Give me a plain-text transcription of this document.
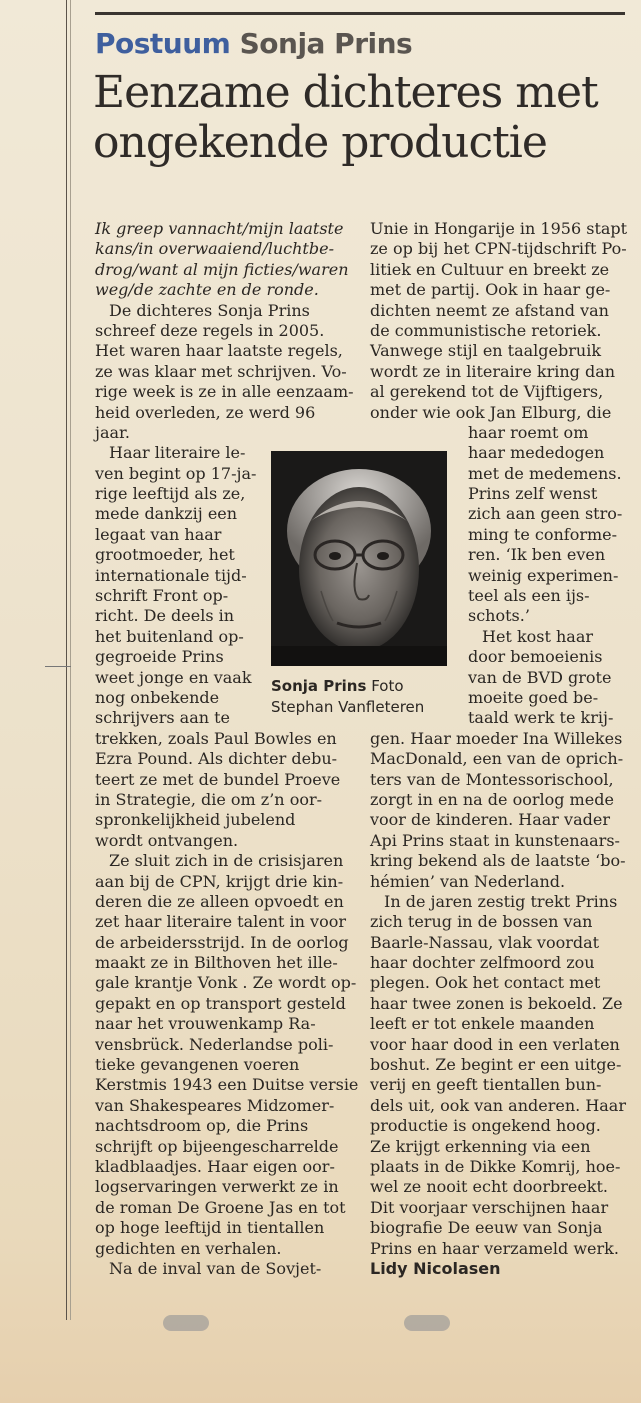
Postuum Sonja Prins
Eenzame dichteres met
ongekende productie
Ik greep vannacht/mijn laatste
kans/in overwaaiend/luchtbe-
drog/want al mijn ficties/waren
weg/de zachte en de ronde.
De dichteres Sonja Prins
schreef deze regels in 2005.
Het waren haar laatste regels,
ze was klaar met schrijven. Vo-
rige week is ze in alle eenzaam-
heid overleden, ze werd 96
jaar.
Haar literaire le-
ven begint op 17-ja-
rige leeftijd als ze,
mede dankzij een
legaat van haar
grootmoeder, het
internationale tijd-
schrift Front op-
richt. De deels in
het buitenland op-
gegroeide Prins
weet jonge en vaak
nog onbekende
schrijvers aan te
trekken, zoals Paul Bowles en
Ezra Pound. Als dichter debu-
teert ze met de bundel Proeve
in Strategie, die om z’n oor-
spronkelijkheid jubelend
wordt ontvangen.
Ze sluit zich in de crisisjaren
aan bij de CPN, krijgt drie kin-
deren die ze alleen opvoedt en
zet haar literaire talent in voor
de arbeidersstrijd. In de oorlog
maakt ze in Bilthoven het ille-
gale krantje Vonk . Ze wordt op-
gepakt en op transport gesteld
naar het vrouwenkamp Ra-
vensbrück. Nederlandse poli-
tieke gevangenen voeren
Kerstmis 1943 een Duitse versie
van Shakespeares Midzomer-
nachtsdroom op, die Prins
schrijft op bijeengescharrelde
kladblaadjes. Haar eigen oor-
logservaringen verwerkt ze in
de roman De Groene Jas en tot
op hoge leeftijd in tientallen
gedichten en verhalen.
Na de inval van de Sovjet-
Unie in Hongarije in 1956 stapt
ze op bij het CPN-tijdschrift Po-
litiek en Cultuur en breekt ze
met de partij. Ook in haar ge-
dichten neemt ze afstand van
de communistische retoriek.
Vanwege stijl en taalgebruik
wordt ze in literaire kring dan
al gerekend tot de Vijftigers,
onder wie ook Jan Elburg, die
haar roemt om
haar mededogen
met de medemens.
Prins zelf wenst
zich aan geen stro-
ming te conforme-
ren. ‘Ik ben even
weinig experimen-
teel als een ijs-
schots.’
Het kost haar
door bemoeienis
van de BVD grote
moeite goed be-
taald werk te krij-
gen. Haar moeder Ina Willekes
MacDonald, een van de oprich-
ters van de Montessorischool,
zorgt in en na de oorlog mede
voor de kinderen. Haar vader
Api Prins staat in kunstenaars-
kring bekend als de laatste ‘bo-
hémien’ van Nederland.
In de jaren zestig trekt Prins
zich terug in de bossen van
Baarle-Nassau, vlak voordat
haar dochter zelfmoord zou
plegen. Ook het contact met
haar twee zonen is bekoeld. Ze
leeft er tot enkele maanden
voor haar dood in een verlaten
boshut. Ze begint er een uitge-
verij en geeft tientallen bun-
dels uit, ook van anderen. Haar
productie is ongekend hoog.
Ze krijgt erkenning via een
plaats in de Dikke Komrij, hoe-
wel ze nooit echt doorbreekt.
Dit voorjaar verschijnen haar
biografie De eeuw van Sonja
Prins en haar verzameld werk.
Lidy Nicolasen
Sonja Prins Foto
Stephan Vanfleteren
